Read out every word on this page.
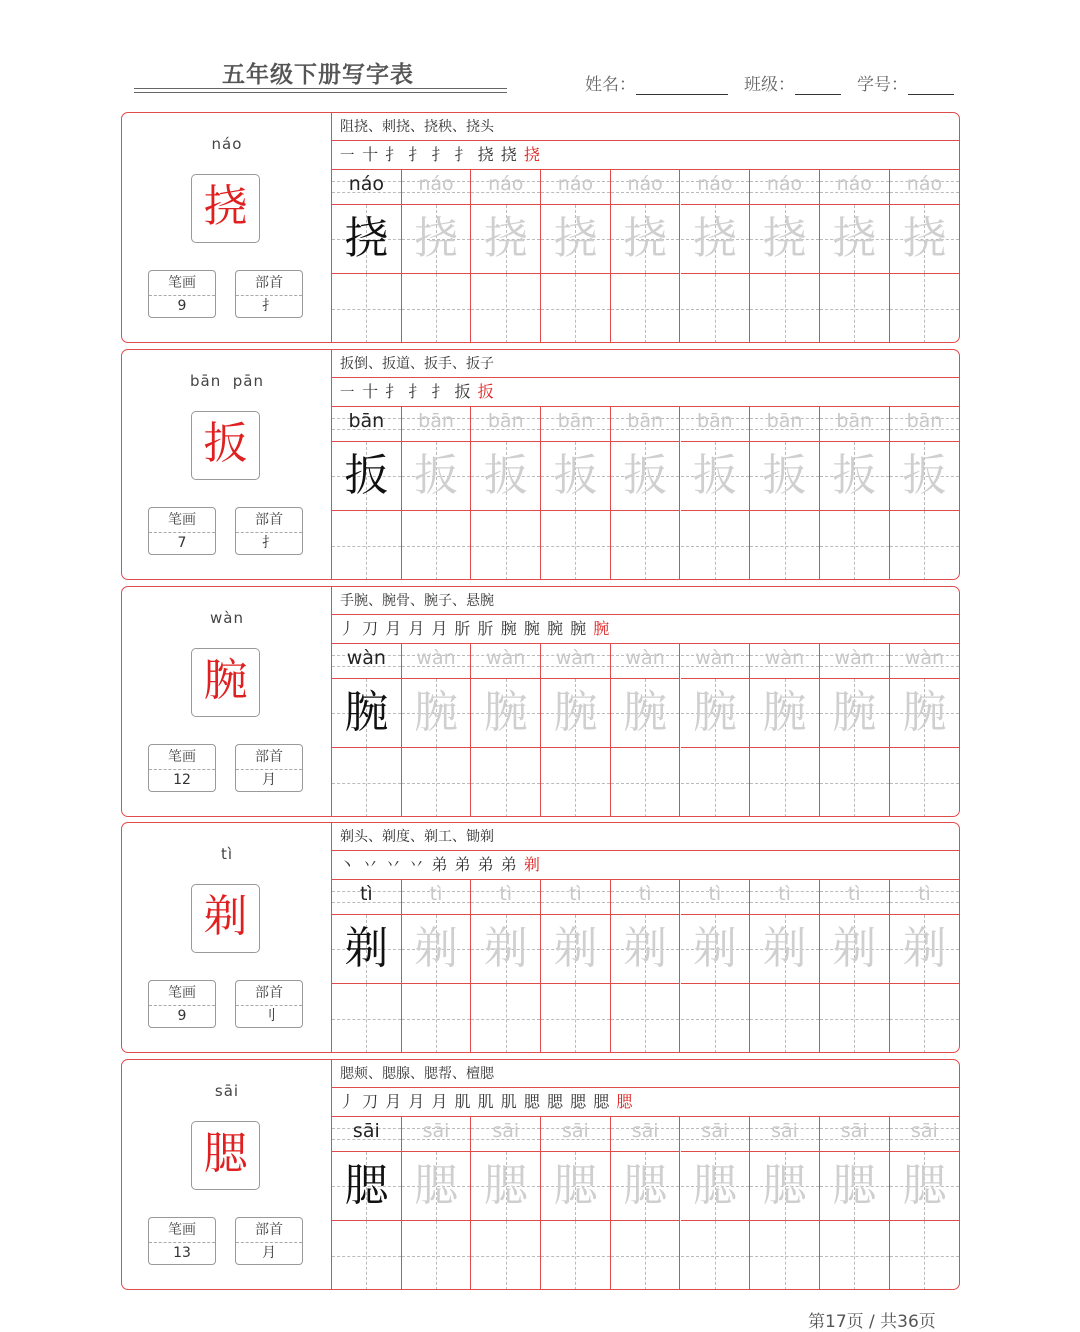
五年级下册写字表	姓名：	班级：	学号：
náo
挠
笔画
9
部首
扌
阻挠、刺挠、挠秧、挠头
㇐ 十 扌 扌 扌 扌 挠 挠 挠
náo	náo	náo	náo	náo	náo	náo	náo	náo
挠 挠 挠 挠 挠 挠 挠 挠 挠
bān  pān
扳
笔画
7
部首
扌
扳倒、扳道、扳手、扳子
㇐ 十 扌 扌 扌 扳 扳
bān	bān	bān	bān	bān	bān	bān	bān	bān
扳 扳 扳 扳 扳 扳 扳 扳 扳
wàn
腕
笔画
12
部首
月
手腕、腕骨、腕子、悬腕
丿 刀 月 月 月 肵 肵 腕 腕 腕 腕 腕
wàn	wàn	wàn	wàn	wàn	wàn	wàn	wàn	wàn
腕 腕 腕 腕 腕 腕 腕 腕 腕
tì
剃
笔画
9
部首
刂
剃头、剃度、剃工、锄剃
丶 丷 丷 丷 弟 弟 弟 弟 剃
tì	tì	tì	tì	tì	tì	tì	tì	tì
剃 剃 剃 剃 剃 剃 剃 剃 剃
sāi
腮
笔画
13
部首
月
腮颊、腮腺、腮帮、檀腮
丿 刀 月 月 月 肌 肌 肌 腮 腮 腮 腮 腮
sāi	sāi	sāi	sāi	sāi	sāi	sāi	sāi	sāi
腮 腮 腮 腮 腮 腮 腮 腮 腮
第17页 / 共36页
